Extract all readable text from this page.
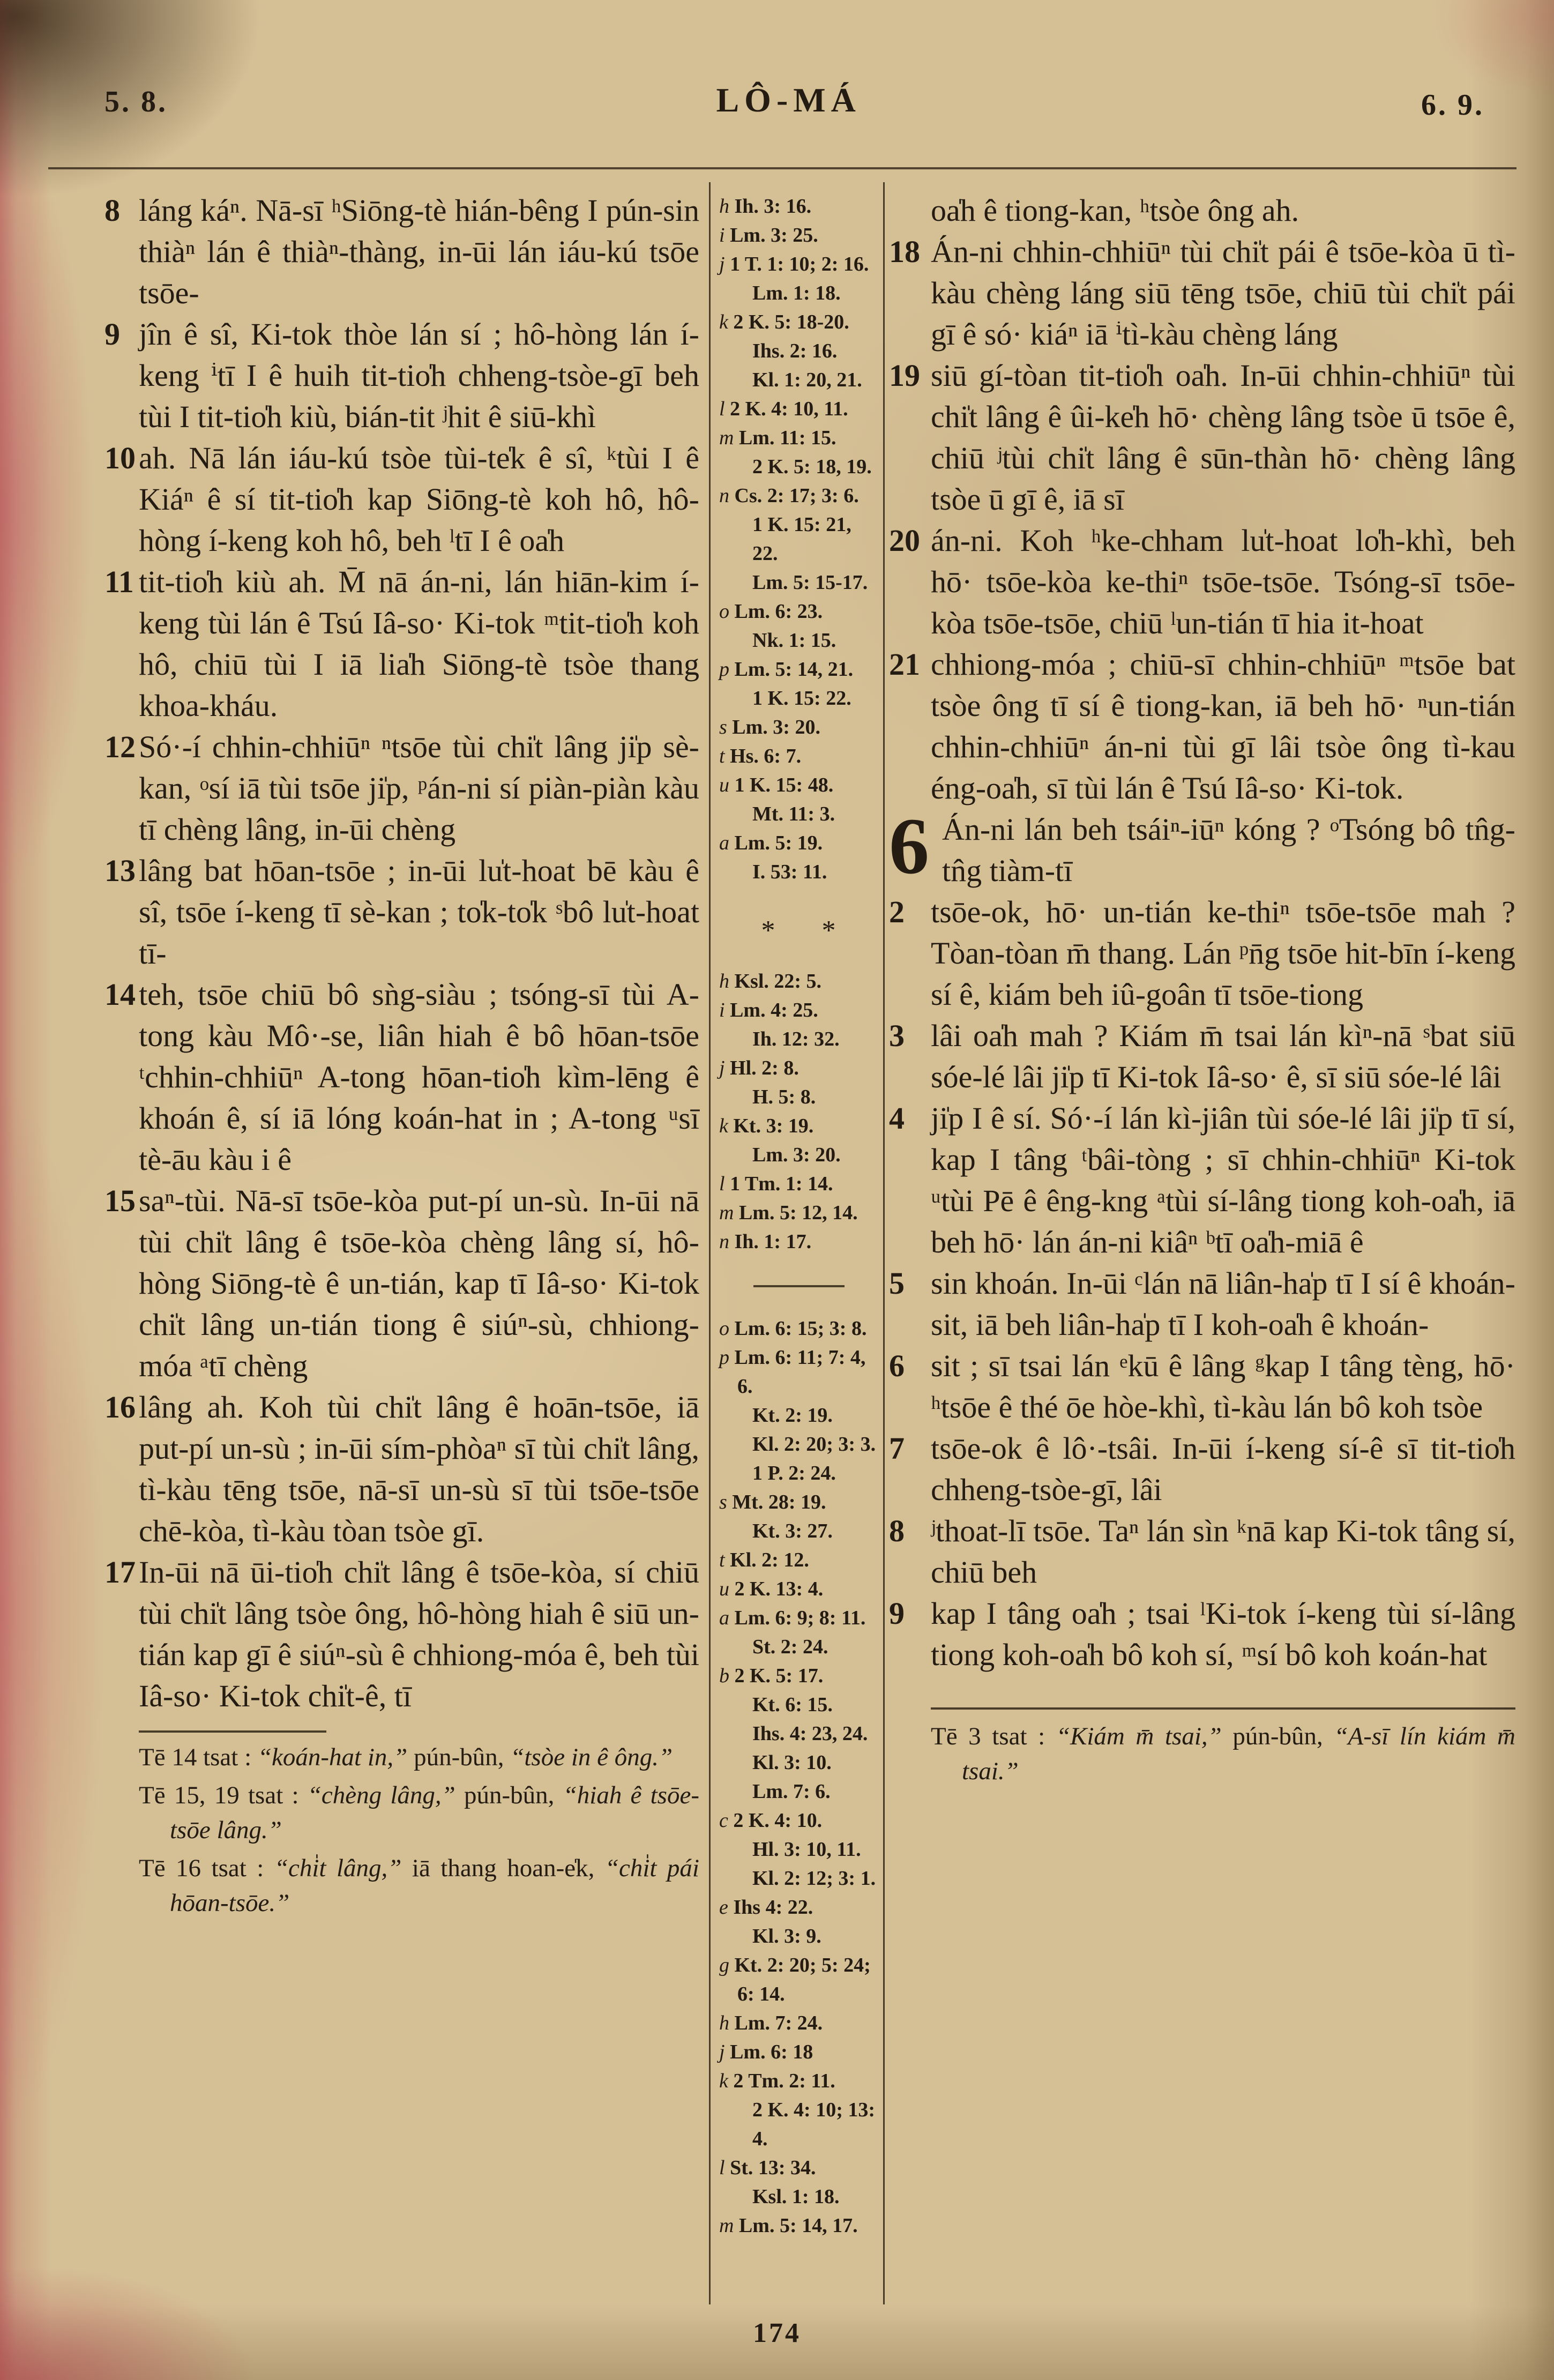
5. 8.	LÔ-MÁ	6. 9.

8 láng káⁿ. Nā-sī ʰSiōng-tè hián-bêng I pún-sin thiàⁿ lán ê thiàⁿ-thàng, in-ūi lán iáu-kú tsōe tsōe-

9 jîn ê sî, Ki-tok thòe lán sí ; hô-hòng lán í-keng ⁱtī I ê huih tit-tio̍h chheng-tsòe-gī beh tùi I tit-tio̍h kiù, bián-tit ʲhit ê siū-khì

10 ah. Nā lán iáu-kú tsòe tùi-te̍k ê sî, ᵏtùi I ê Kiáⁿ ê sí tit-tio̍h kap Siōng-tè koh hô, hô-hòng í-keng koh hô, beh ˡtī I ê oa̍h

11 tit-tio̍h kiù ah. M̄ nā án-ni, lán hiān-kim í-keng tùi lán ê Tsú Iâ-so· Ki-tok ᵐtit-tio̍h koh hô, chiū tùi I iā lia̍h Siōng-tè tsòe thang khoa-kháu.

12 Só·-í chhin-chhiūⁿ ⁿtsōe tùi chi̍t lâng ji̍p sè-kan, ᵒsí iā tùi tsōe ji̍p, ᵖán-ni sí piàn-piàn kàu tī chèng lâng, in-ūi chèng

13 lâng bat hōan-tsōe ; in-ūi lu̍t-hoat bē kàu ê sî, tsōe í-keng tī sè-kan ; to̍k-to̍k ˢbô lu̍t-hoat tī-

14 teh, tsōe chiū bô sǹg-siàu ; tsóng-sī tùi A-tong kàu Mô·-se, liân hiah ê bô hōan-tsōe ᵗchhin-chhiūⁿ A-tong hōan-tio̍h kìm-lēng ê khoán ê, sí iā lóng koán-hat in ; A-tong ᵘsī tè-āu kàu i ê

15 saⁿ-tùi. Nā-sī tsōe-kòa put-pí un-sù. In-ūi nā tùi chi̍t lâng ê tsōe-kòa chèng lâng sí, hô-hòng Siōng-tè ê un-tián, kap tī Iâ-so· Ki-tok chi̍t lâng un-tián tiong ê siúⁿ-sù, chhiong-móa ᵃtī chèng

16 lâng ah. Koh tùi chi̍t lâng ê hoān-tsōe, iā put-pí un-sù ; in-ūi sím-phòaⁿ sī tùi chi̍t lâng, tì-kàu tēng tsōe, nā-sī un-sù sī tùi tsōe-tsōe chē-kòa, tì-kàu tòan tsòe gī.

17 In-ūi nā ūi-tio̍h chi̍t lâng ê tsōe-kòa, sí chiū tùi chi̍t lâng tsòe ông, hô-hòng hiah ê siū un-tián kap gī ê siúⁿ-sù ê chhiong-móa ê, beh tùi Iâ-so· Ki-tok chi̍t-ê, tī

Tē 14 tsat : “koán-hat in,” pún-bûn, “tsòe in ê ông.”

Tē 15, 19 tsat : “chèng lâng,” pún-bûn, “hiah ê tsōe-tsōe lâng.”

Tē 16 tsat : “chi̍t lâng,” iā thang hoan-e̍k, “chi̍t pái hōan-tsōe.”

h Ih. 3: 16.
i Lm. 3: 25.
j 1 T. 1: 10; 2: 16.
Lm. 1: 18.
k 2 K. 5: 18-20.
Ihs. 2: 16.
Kl. 1: 20, 21.
l 2 K. 4: 10, 11.
m Lm. 11: 15.
2 K. 5: 18, 19.
n Cs. 2: 17; 3: 6.
1 K. 15: 21, 22.
Lm. 5: 15-17.
o Lm. 6: 23.
Nk. 1: 15.
p Lm. 5: 14, 21.
1 K. 15: 22.
s Lm. 3: 20.
t Hs. 6: 7.
u 1 K. 15: 48.
Mt. 11: 3.
a Lm. 5: 19.
I. 53: 11.
* *
h Ksl. 22: 5.
i Lm. 4: 25.
Ih. 12: 32.
j Hl. 2: 8.
H. 5: 8.
k Kt. 3: 19.
Lm. 3: 20.
l 1 Tm. 1: 14.
m Lm. 5: 12, 14.
n Ih. 1: 17.
o Lm. 6: 15; 3: 8.
p Lm. 6: 11; 7: 4, 6.
Kt. 2: 19.
Kl. 2: 20; 3: 3.
1 P. 2: 24.
s Mt. 28: 19.
Kt. 3: 27.
t Kl. 2: 12.
u 2 K. 13: 4.
a Lm. 6: 9; 8: 11.
St. 2: 24.
b 2 K. 5: 17.
Kt. 6: 15.
Ihs. 4: 23, 24.
Kl. 3: 10.
Lm. 7: 6.
c 2 K. 4: 10.
Hl. 3: 10, 11.
Kl. 2: 12; 3: 1.
e Ihs 4: 22.
Kl. 3: 9.
g Kt. 2: 20; 5: 24; 6: 14.
h Lm. 7: 24.
j Lm. 6: 18
k 2 Tm. 2: 11.
2 K. 4: 10; 13: 4.
l St. 13: 34.
Ksl. 1: 18.
m Lm. 5: 14, 17.

oa̍h ê tiong-kan, ʰtsòe ông ah.

18 Án-ni chhin-chhiūⁿ tùi chi̍t pái ê tsōe-kòa ū tì-kàu chèng láng siū tēng tsōe, chiū tùi chi̍t pái gī ê só· kiáⁿ iā ⁱtì-kàu chèng láng

19 siū gí-tòan tit-tio̍h oa̍h. In-ūi chhin-chhiūⁿ tùi chi̍t lâng ê ûi-ke̍h hō· chèng lâng tsòe ū tsōe ê, chiū ʲtùi chi̍t lâng ê sūn-thàn hō· chèng lâng tsòe ū gī ê, iā sī

20 án-ni. Koh ʰke-chham lu̍t-hoat lo̍h-khì, beh hō· tsōe-kòa ke-thiⁿ tsōe-tsōe. Tsóng-sī tsōe-kòa tsōe-tsōe, chiū ˡun-tián tī hia it-hoat

21 chhiong-móa ; chiū-sī chhin-chhiūⁿ ᵐtsōe bat tsòe ông tī sí ê tiong-kan, iā beh hō· ⁿun-tián chhin-chhiūⁿ án-ni tùi gī lâi tsòe ông tì-kau éng-oa̍h, sī tùi lán ê Tsú Iâ-so· Ki-tok.

6 Án-ni lán beh tsáiⁿ-iūⁿ kóng ? ᵒTsóng bô tn̂g-tn̂g tiàm-tī

2 tsōe-ok, hō· un-tián ke-thiⁿ tsōe-tsōe mah ? Tòan-tòan m̄ thang. Lán ᵖn̄g tsōe hit-bīn í-keng sí ê, kiám beh iû-goân tī tsōe-tiong

3 lâi oa̍h mah ? Kiám m̄ tsai lán kìⁿ-nā ˢbat siū sóe-lé lâi ji̍p tī Ki-tok Iâ-so· ê, sī siū sóe-lé lâi

4 ji̍p I ê sí. Só·-í lán kì-jiân tùi sóe-lé lâi ji̍p tī sí, kap I tâng ᵗbâi-tòng ; sī chhin-chhiūⁿ Ki-tok ᵘtùi Pē ê êng-kng ᵃtùi sí-lâng tiong koh-oa̍h, iā beh hō· lán án-ni kiâⁿ ᵇtī oa̍h-miā ê

5 sin khoán. In-ūi ᶜlán nā liân-ha̍p tī I sí ê khoán-sit, iā beh liân-ha̍p tī I koh-oa̍h ê khoán-

6 sit ; sī tsai lán ᵉkū ê lâng ᵍkap I tâng tèng, hō· ʰtsōe ê thé ōe hòe-khì, tì-kàu lán bô koh tsòe

7 tsōe-ok ê lô·-tsâi. In-ūi í-keng sí-ê sī tit-tio̍h chheng-tsòe-gī, lâi

8 ʲthoat-lī tsōe. Taⁿ lán sìn ᵏnā kap Ki-tok tâng sí, chiū beh

9 kap I tâng oa̍h ; tsai ˡKi-tok í-keng tùi sí-lâng tiong koh-oa̍h bô koh sí, ᵐsí bô koh koán-hat

Tē 3 tsat : “Kiám m̄ tsai,” pún-bûn, “A-sī lín kiám m̄ tsai.”

174
